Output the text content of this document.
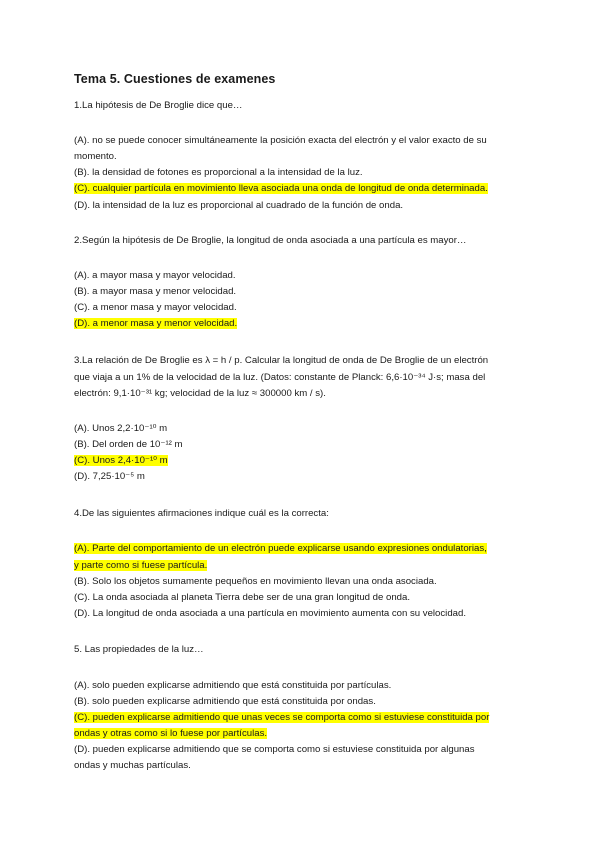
Tema 5. Cuestiones de examenes
1.La hipótesis de De Broglie dice que…
(A). no se puede conocer simultáneamente la posición exacta del electrón y el valor exacto de su
momento.
(B). la densidad de fotones es proporcional a la intensidad de la luz.
(C). cualquier partícula en movimiento lleva asociada una onda de longitud de onda determinada.
(D). la intensidad de la luz es proporcional al cuadrado de la función de onda.
2.Según la hipótesis de De Broglie, la longitud de onda asociada a una partícula es mayor…
(A). a mayor masa y mayor velocidad.
(B). a mayor masa y menor velocidad.
(C). a menor masa y mayor velocidad.
(D). a menor masa y menor velocidad.
3.La relación de De Broglie es λ = h / p. Calcular la longitud de onda de De Broglie de un electrón
que viaja a un 1% de la velocidad de la luz. (Datos: constante de Planck: 6,6·10⁻³⁴ J·s; masa del
electrón: 9,1·10⁻³¹ kg; velocidad de la luz ≈ 300000 km / s).
(A). Unos 2,2·10⁻¹⁰ m
(B). Del orden de 10⁻¹² m
(C). Unos 2,4·10⁻¹⁰ m
(D). 7,25·10⁻⁵ m
4.De las siguientes afirmaciones indique cuál es la correcta:
(A). Parte del comportamiento de un electrón puede explicarse usando expresiones ondulatorias,
y parte como si fuese partícula.
(B). Solo los objetos sumamente pequeños en movimiento llevan una onda asociada.
(C). La onda asociada al planeta Tierra debe ser de una gran longitud de onda.
(D). La longitud de onda asociada a una partícula en movimiento aumenta con su velocidad.
5. Las propiedades de la luz…
(A). solo pueden explicarse admitiendo que está constituida por partículas.
(B). solo pueden explicarse admitiendo que está constituida por ondas.
(C). pueden explicarse admitiendo que unas veces se comporta como si estuviese constituida por
ondas y otras como si lo fuese por partículas.
(D). pueden explicarse admitiendo que se comporta como si estuviese constituida por algunas
ondas y muchas partículas.
